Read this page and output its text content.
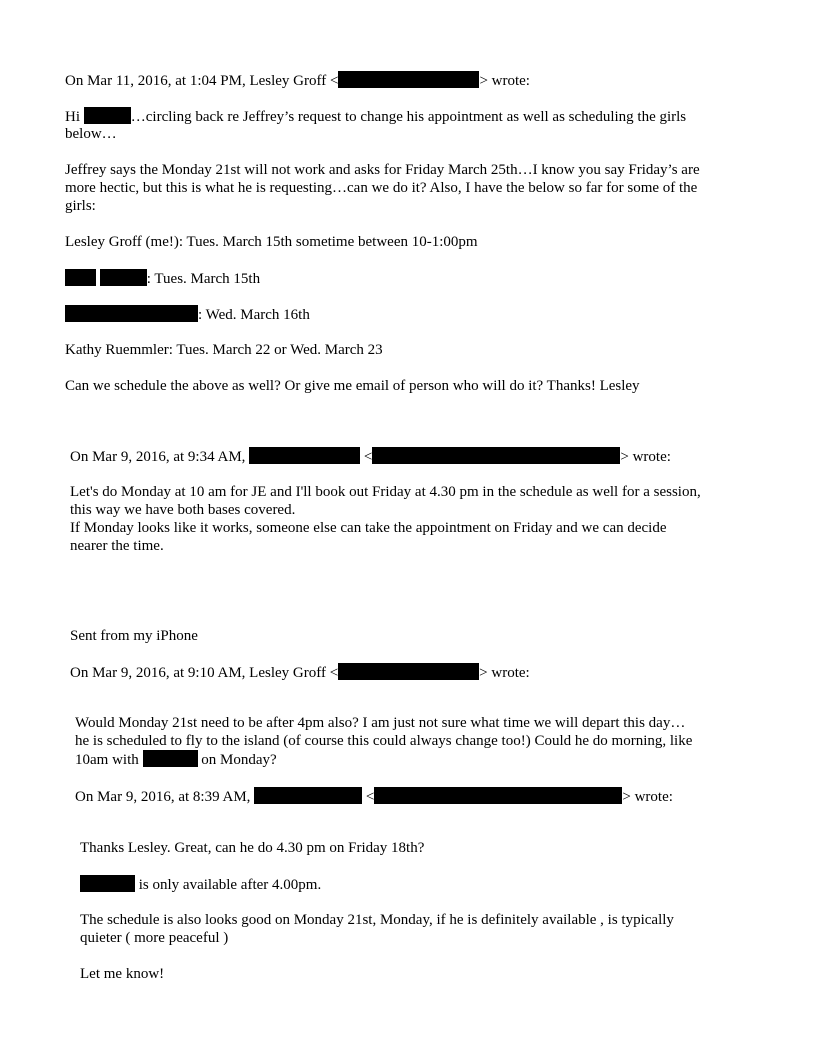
On Mar 11, 2016, at 1:04 PM, Lesley Groff <	> wrote:
Hi	…circling back re Jeffrey’s request to change his appointment as well as scheduling the girls
below…
Jeffrey says the Monday 21st will not work and asks for Friday March 25th…I know you say Friday’s are
more hectic, but this is what he is requesting…can we do it? Also, I have the below so far for some of the
girls:
Lesley Groff (me!): Tues. March 15th sometime between 10-1:00pm
: Tues. March 15th
: Wed. March 16th
Kathy Ruemmler: Tues. March 22 or Wed. March 23
Can we schedule the above as well? Or give me email of person who will do it? Thanks! Lesley
On Mar 9, 2016, at 9:34 AM,	<	> wrote:
Let's do Monday at 10 am for JE and I'll book out Friday at 4.30 pm in the schedule as well for a session,
this way we have both bases covered.
If Monday looks like it works, someone else can take the appointment on Friday and we can decide
nearer the time.
Sent from my iPhone
On Mar 9, 2016, at 9:10 AM, Lesley Groff <	> wrote:
Would Monday 21st need to be after 4pm also? I am just not sure what time we will depart this day…
he is scheduled to fly to the island (of course this could always change too!) Could he do morning, like
10am with	on Monday?
On Mar 9, 2016, at 8:39 AM,	<	> wrote:
Thanks Lesley. Great, can he do 4.30 pm on Friday 18th?
is only available after 4.00pm.
The schedule is also looks good on Monday 21st, Monday, if he is definitely available , is typically
quieter ( more peaceful )
Let me know!
